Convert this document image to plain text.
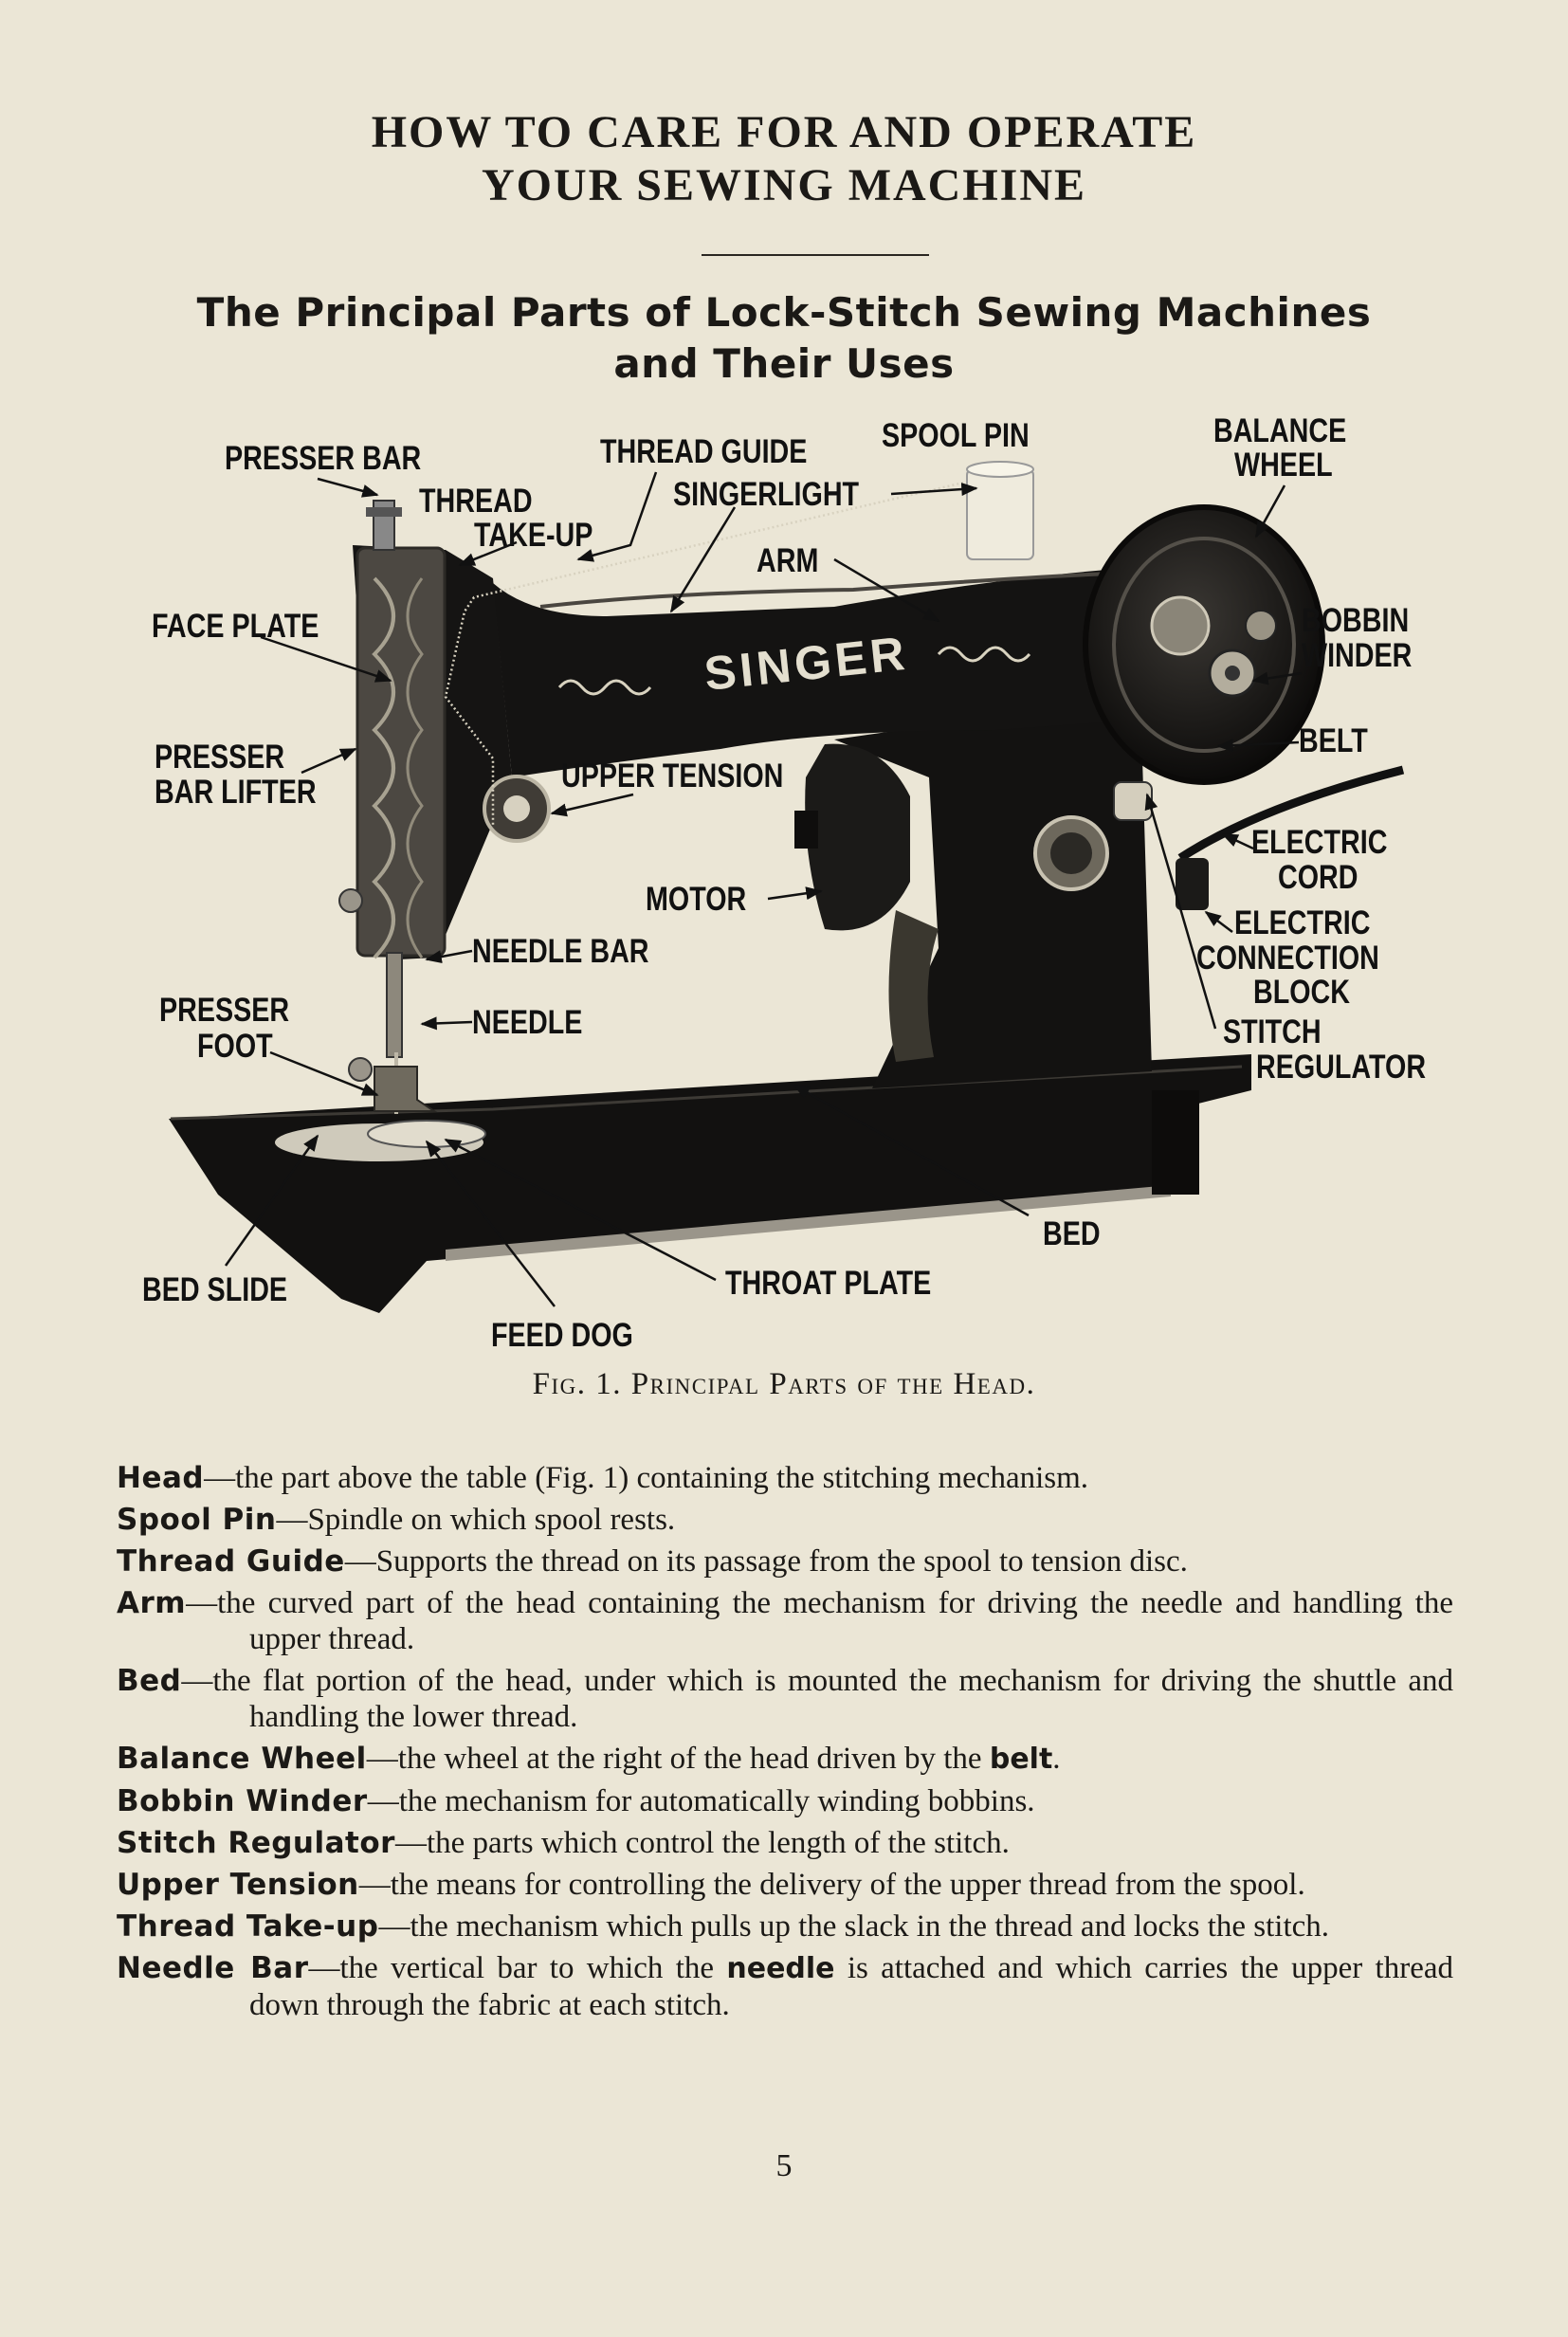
HOW TO CARE FOR AND OPERATE
YOUR SEWING MACHINE
The Principal Parts of Lock-Stitch Sewing Machines
and Their Uses
SINGER
PRESSER BAR
THREAD
TAKE-UP
THREAD GUIDE
SINGERLIGHT
SPOOL PIN	BALANCE
WHEEL
ARM
FACE PLATE	BOBBIN
WINDER
BELT
PRESSER
BAR LIFTER	UPPER TENSION
ELECTRIC
CORD
MOTOR
ELECTRIC
CONNECTION
BLOCK
NEEDLE BAR
PRESSER
FOOT
NEEDLE	STITCH
REGULATOR
BED
BED SLIDE	THROAT PLATE
FEED DOG
Fig. 1. Principal Parts of the Head.
Head—the part above the table (Fig. 1) containing the stitching mechanism.
Spool Pin—Spindle on which spool rests.
Thread Guide—Supports the thread on its passage from the spool to tension disc.
Arm—the curved part of the head containing the mechanism for driving the needle and handling the upper thread.
Bed—the flat portion of the head, under which is mounted the mechanism for driving the shuttle and handling the lower thread.
Balance Wheel—the wheel at the right of the head driven by the belt.
Bobbin Winder—the mechanism for automatically winding bobbins.
Stitch Regulator—the parts which control the length of the stitch.
Upper Tension—the means for controlling the delivery of the upper thread from the spool.
Thread Take-up—the mechanism which pulls up the slack in the thread and locks the stitch.
Needle Bar—the vertical bar to which the needle is attached and which carries the upper thread down through the fabric at each stitch.
5
